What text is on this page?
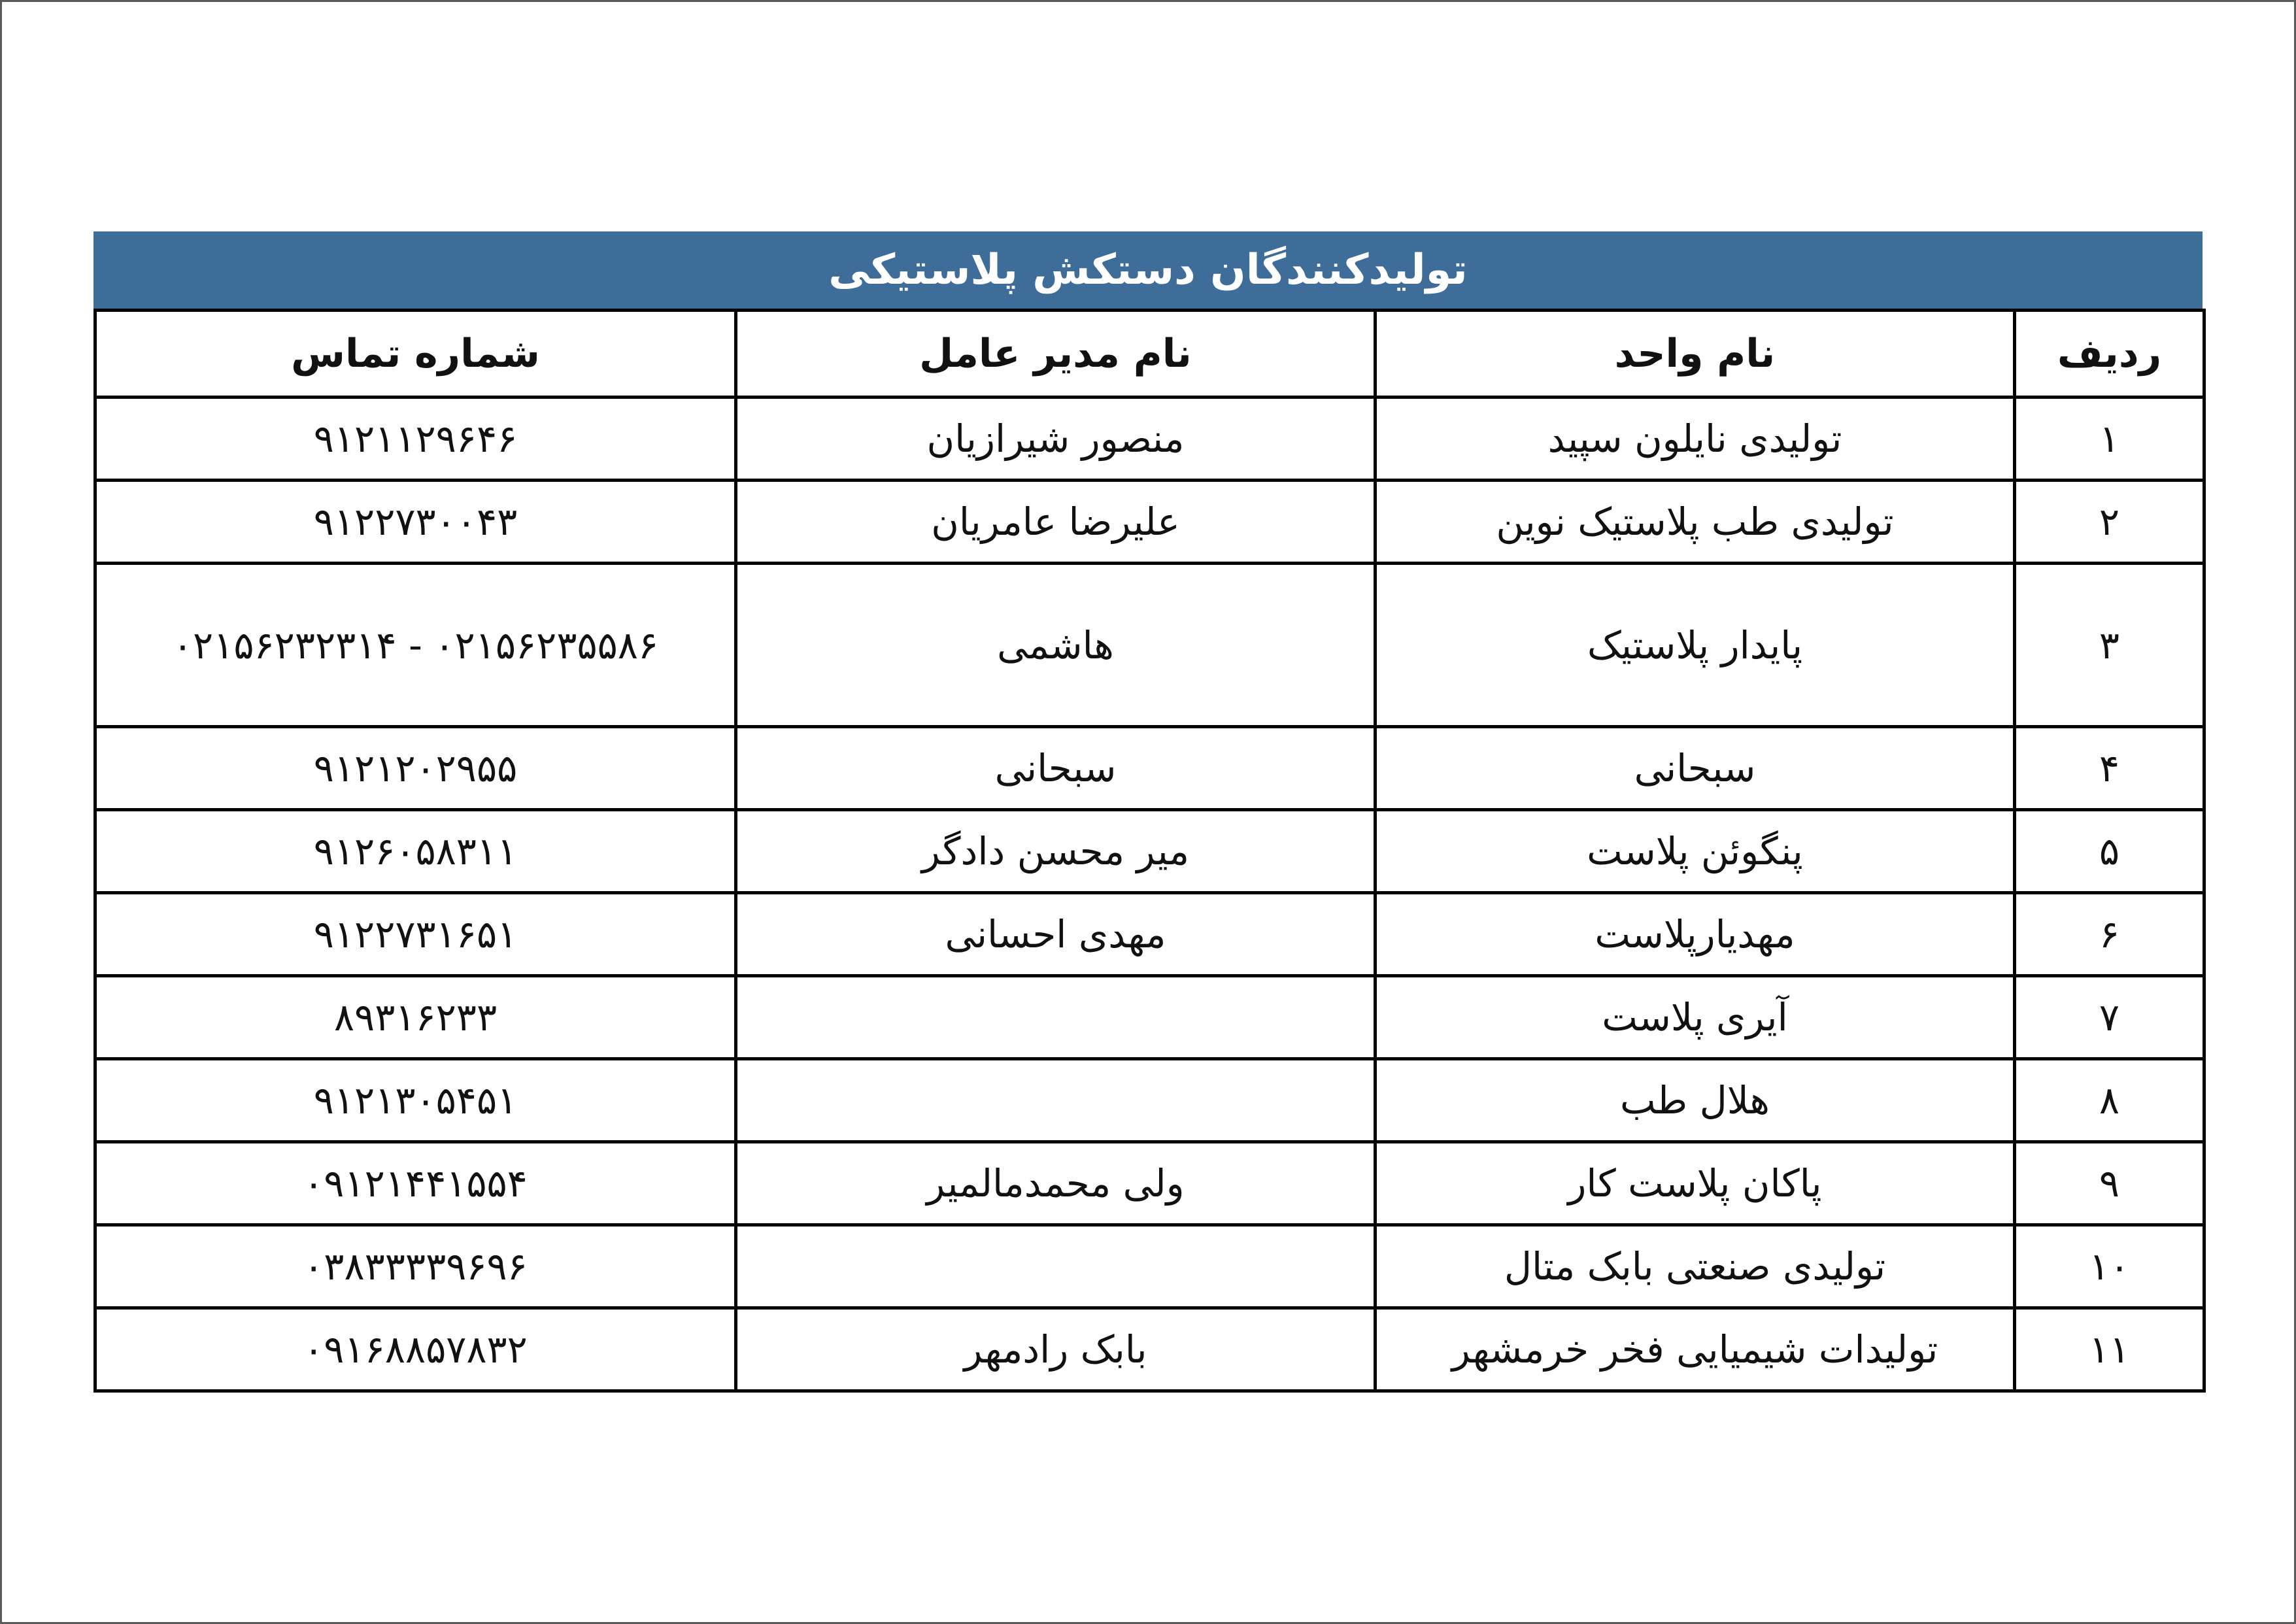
تولیدکنندگان دستکش پلاستیکی
ردیف	نام واحد	نام مدیر عامل	شماره تماس
۱	تولیدی نایلون سپید	منصور شیرازیان	۹۱۲۱۱۲۹۶۴۶
۲	تولیدی طب پلاستیک نوین	علیرضا عامریان	۹۱۲۲۷۳۰۰۴۳
۳	پایدار پلاستیک	هاشمی	۰۲۱۵۶۲۳۵۵۸۶ - ۰۲۱۵۶۲۳۲۳۱۴
۴	سبحانی	سبحانی	۹۱۲۱۲۰۲۹۵۵
۵	پنگوئن پلاست	میر محسن دادگر	۹۱۲۶۰۵۸۳۱۱
۶	مهدیارپلاست	مهدی احسانی	۹۱۲۲۷۳۱۶۵۱
۷	آیری پلاست		۸۹۳۱۶۲۳۳
۸	هلال طب		۹۱۲۱۳۰۵۴۵۱
۹	پاکان پلاست کار	ولی محمدمالمیر	۰۹۱۲۱۴۴۱۵۵۴
۱۰	تولیدی صنعتی بابک متال		۰۳۸۳۳۳۳۹۶۹۶
۱۱	تولیدات شیمیایی فخر خرمشهر	بابک رادمهر	۰۹۱۶۸۸۵۷۸۳۲
